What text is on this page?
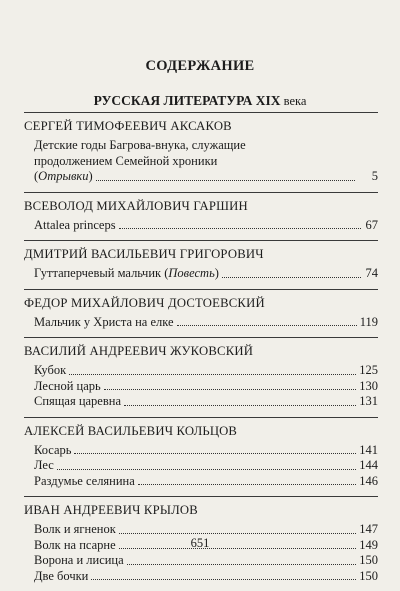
СОДЕРЖАНИЕ
РУССКАЯ ЛИТЕРАТУРА XIX века
СЕРГЕЙ ТИМОФЕЕВИЧ АКСАКОВ
Детские годы Багрова-внука, служащие
продолжением Семейной хроники
(Отрывки)	5
ВСЕВОЛОД МИХАЙЛОВИЧ ГАРШИН
Attalea princeps	67
ДМИТРИЙ ВАСИЛЬЕВИЧ ГРИГОРОВИЧ
Гуттаперчевый мальчик (Повесть)	74
ФЕДОР МИХАЙЛОВИЧ ДОСТОЕВСКИЙ
Мальчик у Христа на елке	119
ВАСИЛИЙ АНДРЕЕВИЧ ЖУКОВСКИЙ
Кубок	125
Лесной царь	130
Спящая царевна	131
АЛЕКСЕЙ ВАСИЛЬЕВИЧ КОЛЬЦОВ
Косарь	141
Лес	144
Раздумье селянина	146
ИВАН АНДРЕЕВИЧ КРЫЛОВ
Волк и ягненок	147
Волк на псарне	149
Ворона и лисица	150
Две бочки	150
651
